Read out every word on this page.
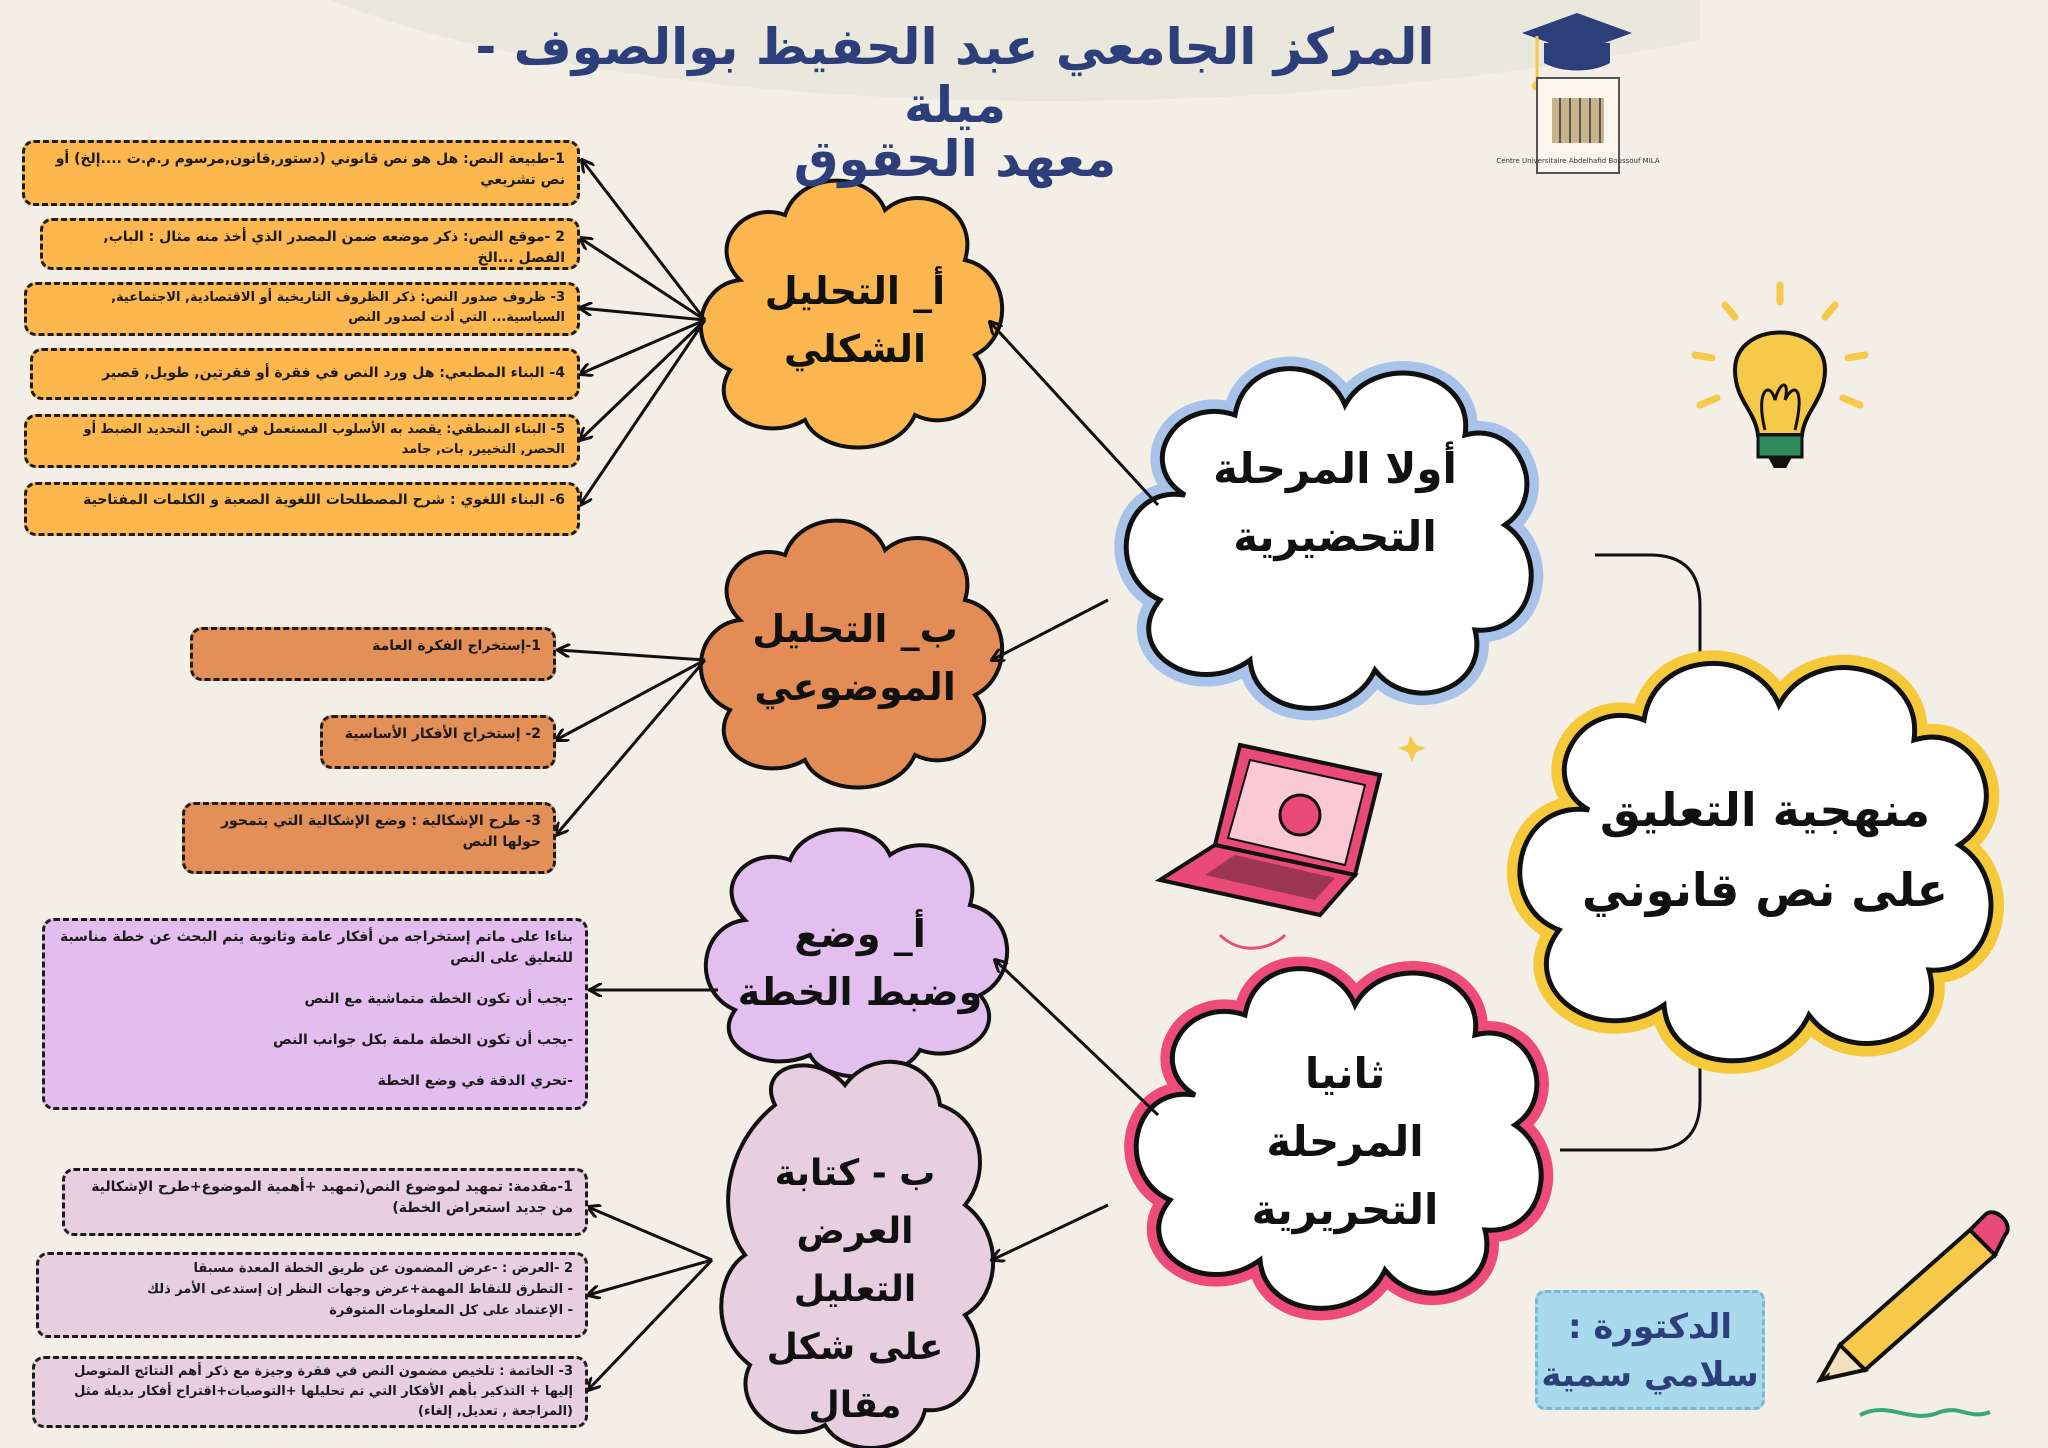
Centre Universitaire Abdelhafid Boussouf MILA
المركز الجامعي عبد الحفيظ بوالصوف - ميلة
معهد الحقوق
منهجية التعليق على نص قانوني
أولا المرحلة التحضيرية
ثانيا المرحلة التحريرية
أ_ التحليل الشكلي
ب_ التحليل الموضوعي
أ_ وضع وضبط الخطة
ب - كتابة العرض التعليل على شكل مقال
1-طبيعة النص: هل هو نص قانوني (دستور,قانون,مرسوم ر.م.ت ....إلخ) أو نص تشريعي
2 -موقع النص: ذكر موضعه ضمن المصدر الذي أخذ منه مثال : الباب, الفصل ...الخ
3- ظروف صدور النص: ذكر الظروف التاريخية أو الاقتصادية, الاجتماعية, السياسية... التي أدت لصدور النص
4- البناء المطبعي: هل ورد النص في فقرة أو فقرتين, طويل, قصير
5- البناء المنطقي: يقصد به الأسلوب المستعمل في النص: التحديد الضبط أو الحصر, التخيير, بات, جامد
6- البناء اللغوي : شرح المصطلحات اللغوية الصعبة و الكلمات المفتاحية
1-إستخراج الفكرة العامة
2- إستخراج الأفكار الأساسية
3- طرح الإشكالية : وضع الإشكالية التي يتمحور حولها النص
بناءا على ماتم إستخراجه من أفكار عامة وثانوية يتم البحث عن خطة مناسبة للتعليق على النص
-يجب أن تكون الخطة متماشية مع النص
-يجب أن تكون الخطة ملمة بكل جوانب النص
-تحري الدقة في وضع الخطة
1-مقدمة: تمهيد لموضوع النص(تمهيد +أهمية الموضوع+طرح الإشكالية من جديد استعراض الخطة)
2 -العرض : -عرض المضمون عن طريق الخطة المعدة مسبقا
- التطرق للنقاط المهمة+عرض وجهات النظر إن إستدعى الأمر ذلك
- الإعتماد على كل المعلومات المتوفرة
3- الخاتمة : تلخيص مضمون النص في فقرة وجيزة مع ذكر أهم النتائج المتوصل إليها + التذكير بأهم الأفكار التي تم تحليلها +التوصيات+اقتراح أفكار بديلة مثل (المراجعة , تعديل, إلغاء)
الدكتورة :
سلامي سمية
